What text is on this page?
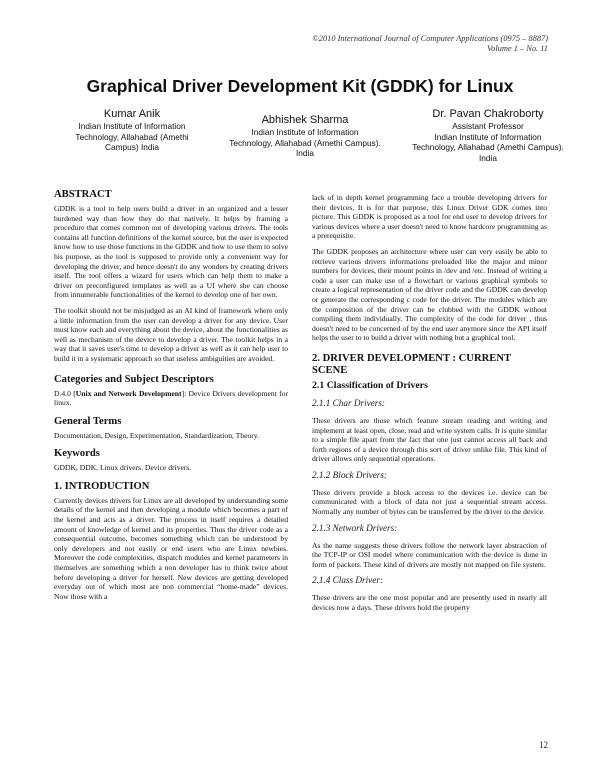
©2010 International Journal of Computer Applications (0975 – 8887)
Volume 1 – No. 11
Graphical Driver Development Kit (GDDK) for Linux
Kumar Anik
Indian Institute of Information
Technology, Allahabad (Amethi
Campus) India
Abhishek Sharma
Indian Institute of Information
Technology, Allahabad (Amethi Campus).
India
Dr. Pavan Chakroborty
Assistant Professor
Indian Institute of Information
Technology, Allahabad (Amethi Campus).
India
ABSTRACT

GDDK is a tool to help users build a driver in an organized and a lesser burdened way than how they do that natively. It helps by framing a procedure that comes common out of developing various drivers. The tools contains all function definitions of the kernel source, but the user is expected know how to use those functions in the GDDK and how to use them to solve his purpose, as the tool is supposed to provide only a convenient way for developing the driver, and hence doesn't do any wonders by creating drivers itself. The tool offers a wizard for users which can help them to make a driver on preconfigured templates as well as a UI where she can choose from innumerable functionalities of the kernel to develop one of her own.

The toolkit should not be misjudged as an AI kind of framework where only a little information from the user can develop a driver for any device. User must know each and everything about the device, about the functionalities as well as mechanism of the device to develop a driver. The toolkit helps in a way that it saves user's time to develop a driver as well as it can help user to build it in a systematic approach so that useless ambiguities are avoided.

Categories and Subject Descriptors

D.4.0 [Unix and Network Development]: Device Drivers development for linux.

General Terms

Documentation, Design, Experimentation, Standardization, Theory.

Keywords

GDDK, DDK, Linux drivers. Device drivers.

1. INTRODUCTION

Currently devices drivers for Linux are all developed by understanding some details of the kernel and then developing a module which becomes a part of the kernel and acts as a driver. The process in itself requires a detailed amount of knowledge of kernel and its properties. Thus the driver code as a consequential outcome, becomes something which can be understood by only developers and not easily or end users who are Linux newbies. Moreover the code complexities, dispatch modules and kernel parameters in themselves are something which a non developer has to think twice about before developing a driver for herself. New devices are getting developed everyday out of which most are non commercial “home-made” devices. Now those with a

lack of in depth kernel programming face a trouble developing drivers for their devices. It is for that purpose, this Linux Driver GDK comes into picture. This GDDK is proposed as a tool for end user to develop drivers for various devices where a user doesn't need to know hardcore programming as a prerequisite.

The GDDK proposes an architecture where user can very easily be able to retrieve various drivers informations preloaded like the major and minor numbers for devices, their mount points in /dev and /etc. Instead of writing a code a user can make use of a flowchart or various graphical symbols to create a logical representation of the driver code and the GDDK can develop or generate the corresponding c code for the driver. The modules which are the composition of the driver can be clubbed with the GDDK without compiling them individually. The complexity of the code for driver , thus doesn't need to be concerned of by the end user anymore since the API itself helps the user to to build a driver with nothing but a graphical tool.

2. DRIVER DEVELOPMENT : CURRENT SCENE
2.1 Classification of Drivers
2.1.1 Char Drivers:

These drivers are those which feature stream reading and writing and implement at least open, close, read and write system calls. It is quite similar to a simple file apart from the fact that one just cannot access all back and forth regions of a device through this sort of driver unlike file. This kind of driver allows only sequential operations.

2.1.2 Block Drivers:

These drivers provide a block access to the devices i.e. device can be communicated with a block of data not just a sequential stream access. Normally any number of bytes can be transferred by the driver to the device.

2.1.3 Network Drivers:

As the name suggests these drivers follow the network layer abstraction of the TCP-IP or OSI model where communication with the device is done in form of packets. These kind of drivers are mostly not mapped on file system.

2.1.4 Class Driver:

These drivers are the one most popular and are presently used in nearly all devices now a days. These drivers hold the property

12
